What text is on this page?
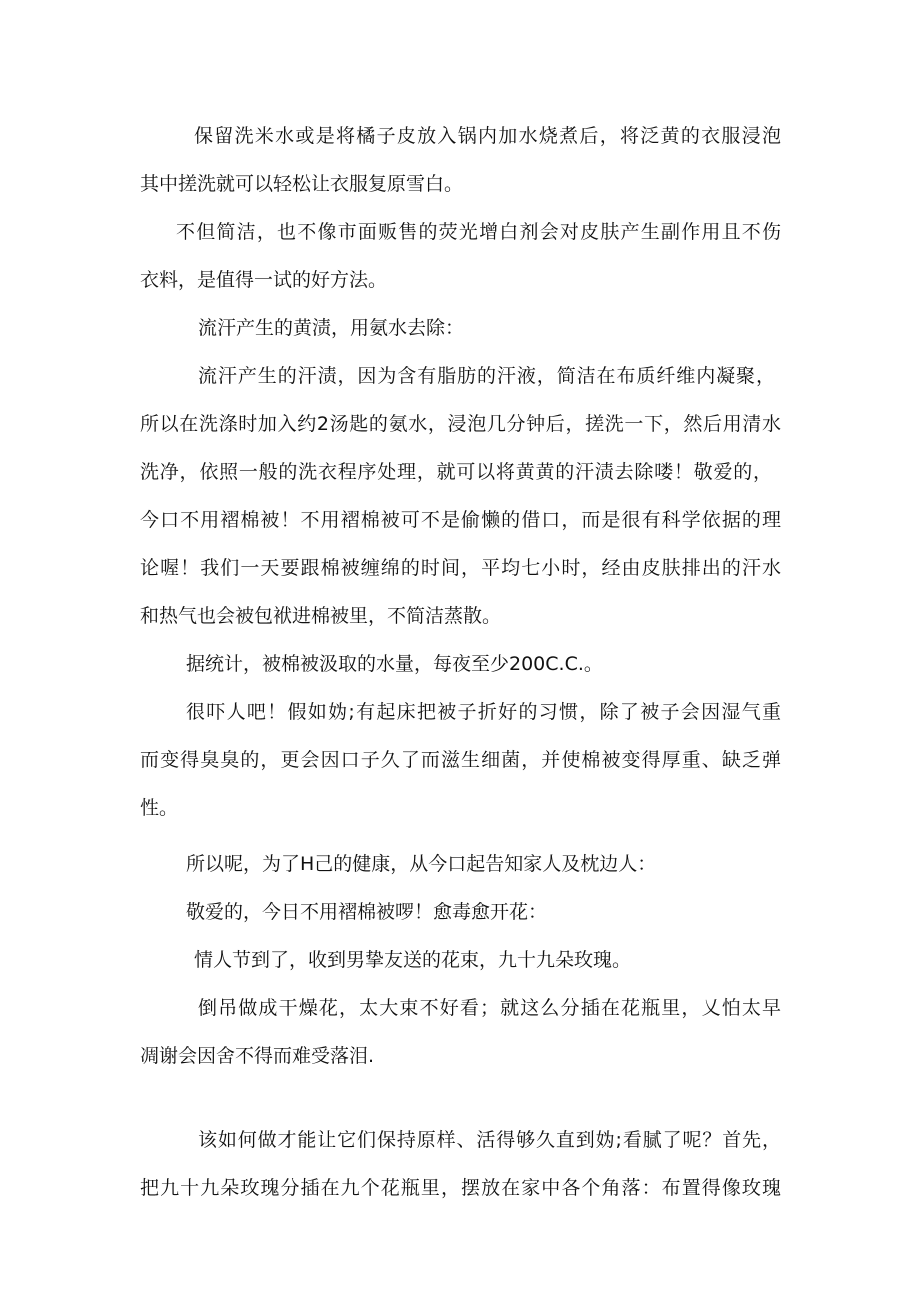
保留洗米水或是将橘子皮放入锅内加水烧煮后，将泛黄的衣服浸泡
其中搓洗就可以轻松让衣服复原雪白。
不但简洁，也不像市面贩售的荧光增白剂会对皮肤产生副作用且不伤
衣料，是值得一试的好方法。
流汗产生的黄渍，用氨水去除：
流汗产生的汗渍，因为含有脂肪的汗液，简洁在布质纤维内凝聚，
所以在洗涤时加入约2汤匙的氨水，浸泡几分钟后，搓洗一下，然后用清水
洗净，依照一般的洗衣程序处理，就可以将黄黄的汗渍去除喽！敬爱的，
今口不用褶棉被！不用褶棉被可不是偷懒的借口，而是很有科学依据的理
论喔！我们一天要跟棉被缠绵的时间，平均七小时，经由皮肤排出的汗水
和热气也会被包袱进棉被里，不简洁蒸散。
据统计，被棉被汲取的水量，每夜至少200C.C.。
很吓人吧！假如妫;有起床把被子折好的习惯，除了被子会因湿气重
而变得臭臭的，更会因口子久了而滋生细菌，并使棉被变得厚重、缺乏弹
性。
所以呢，为了H己的健康，从今口起告知家人及枕边人：
敬爱的，今日不用褶棉被啰！愈毒愈开花：
情人节到了，收到男挚友送的花束，九十九朵玫瑰。
倒吊做成干燥花，太大束不好看；就这么分插在花瓶里，乂怕太早
凋谢会因舍不得而难受落泪.
该如何做才能让它们保持原样、活得够久直到妫;看腻了呢？首先，
把九十九朵玫瑰分插在九个花瓶里，摆放在家中各个角落：布置得像玫瑰
